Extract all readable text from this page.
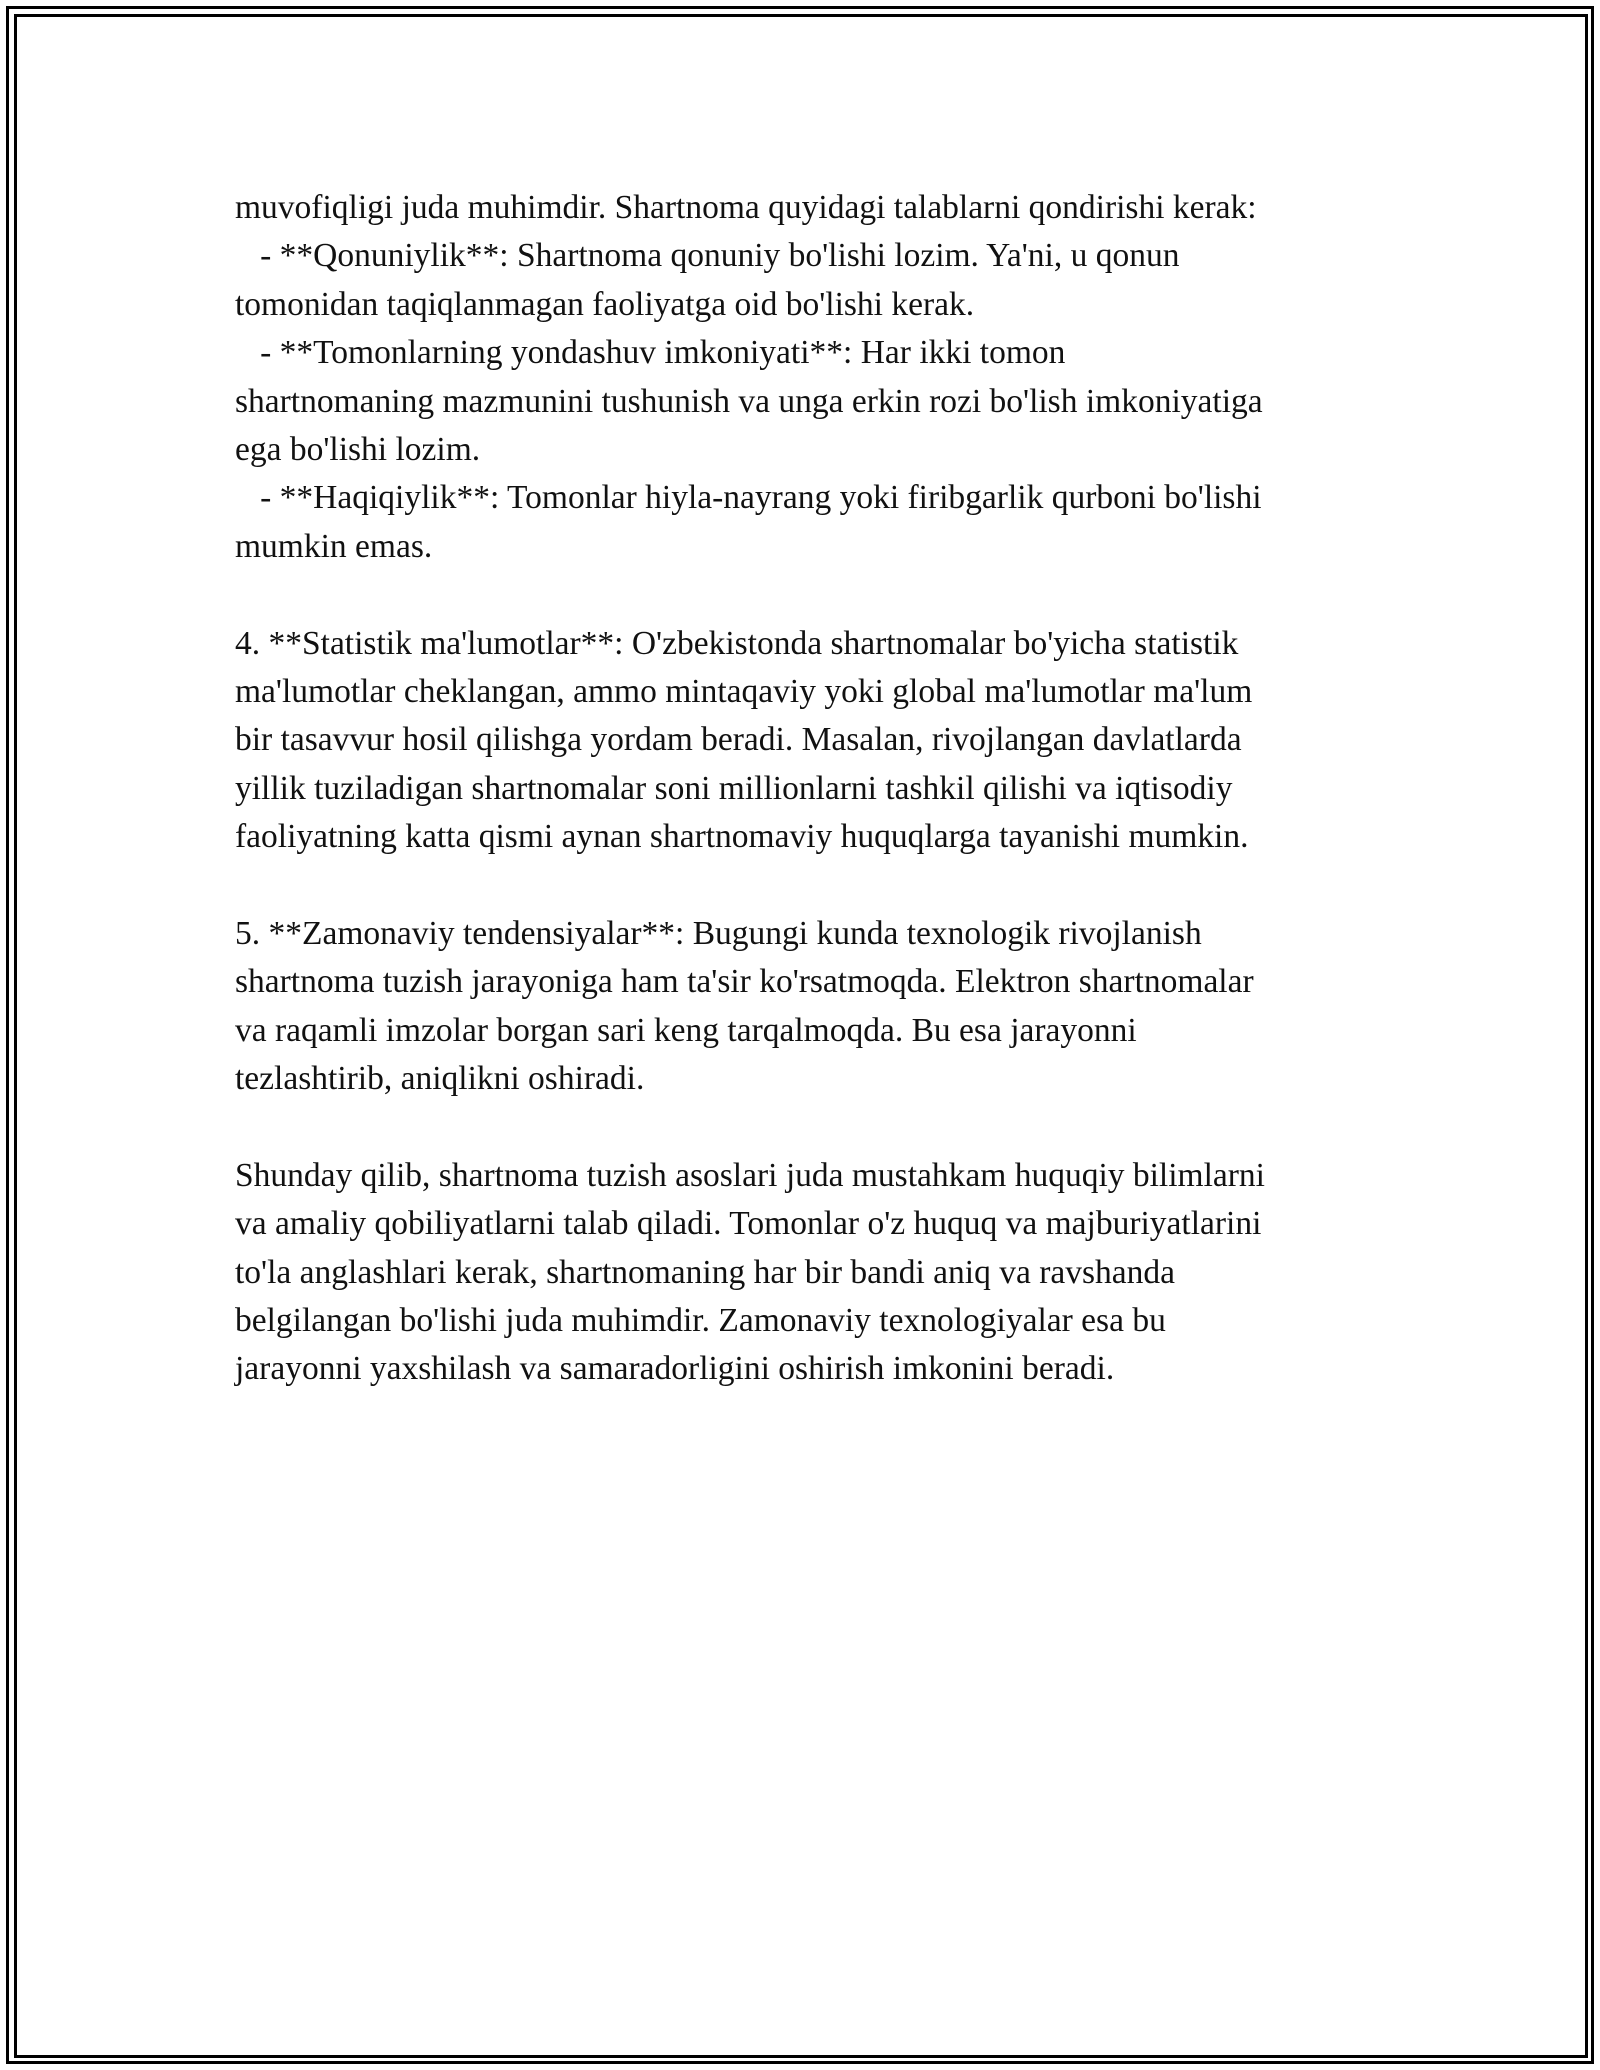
muvofiqligi juda muhimdir. Shartnoma quyidagi talablarni qondirishi kerak:
- **Qonuniylik**: Shartnoma qonuniy bo'lishi lozim. Ya'ni, u qonun
tomonidan taqiqlanmagan faoliyatga oid bo'lishi kerak.
- **Tomonlarning yondashuv imkoniyati**: Har ikki tomon
shartnomaning mazmunini tushunish va unga erkin rozi bo'lish imkoniyatiga
ega bo'lishi lozim.
- **Haqiqiylik**: Tomonlar hiyla-nayrang yoki firibgarlik qurboni bo'lishi
mumkin emas.
4. **Statistik ma'lumotlar**: O'zbekistonda shartnomalar bo'yicha statistik
ma'lumotlar cheklangan, ammo mintaqaviy yoki global ma'lumotlar ma'lum
bir tasavvur hosil qilishga yordam beradi. Masalan, rivojlangan davlatlarda
yillik tuziladigan shartnomalar soni millionlarni tashkil qilishi va iqtisodiy
faoliyatning katta qismi aynan shartnomaviy huquqlarga tayanishi mumkin.
5. **Zamonaviy tendensiyalar**: Bugungi kunda texnologik rivojlanish
shartnoma tuzish jarayoniga ham ta'sir ko'rsatmoqda. Elektron shartnomalar
va raqamli imzolar borgan sari keng tarqalmoqda. Bu esa jarayonni
tezlashtirib, aniqlikni oshiradi.
Shunday qilib, shartnoma tuzish asoslari juda mustahkam huquqiy bilimlarni
va amaliy qobiliyatlarni talab qiladi. Tomonlar o'z huquq va majburiyatlarini
to'la anglashlari kerak, shartnomaning har bir bandi aniq va ravshanda
belgilangan bo'lishi juda muhimdir. Zamonaviy texnologiyalar esa bu
jarayonni yaxshilash va samaradorligini oshirish imkonini beradi.
